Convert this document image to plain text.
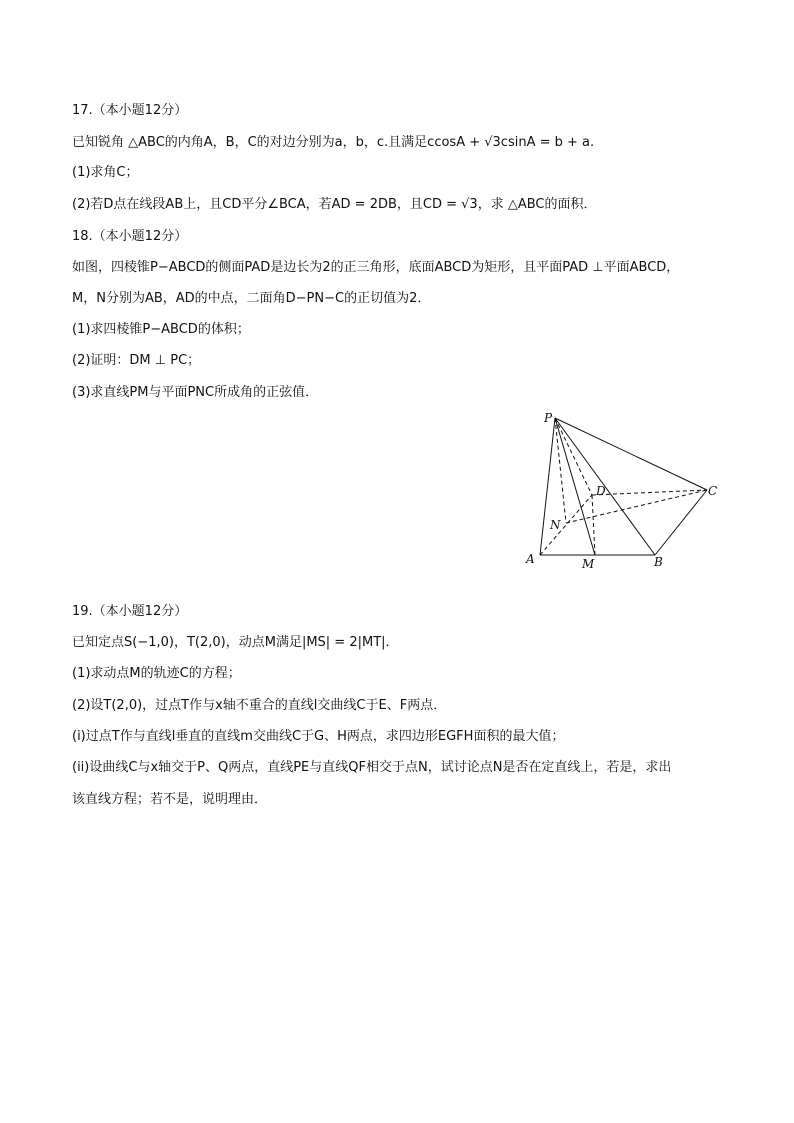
17.（本小题12分）
已知锐角 △ABC的内角A，B，C的对边分别为a，b，c.且满足ccosA + √3csinA = b + a.
(1)求角C；
(2)若D点在线段AB上，且CD平分∠BCA，若AD = 2DB，且CD = √3，求 △ABC的面积．
18.（本小题12分）
如图，四棱锥P−ABCD的侧面PAD是边长为2的正三角形，底面ABCD为矩形，且平面PAD ⊥平面ABCD，
M，N分别为AB，AD的中点，二面角D−PN−C的正切值为2．
(1)求四棱锥P−ABCD的体积；
(2)证明：DM ⊥ PC；
(3)求直线PM与平面PNC所成角的正弦值．
P
A	M	B
C
D
N
19.（本小题12分）
已知定点S(−1,0)，T(2,0)，动点M满足|MS| = 2|MT|．
(1)求动点M的轨迹C的方程；
(2)设T(2,0)，过点T作与x轴不重合的直线l交曲线C于E、F两点．
(i)过点T作与直线l垂直的直线m交曲线C于G、H两点，求四边形EGFH面积的最大值；
(ii)设曲线C与x轴交于P、Q两点，直线PE与直线QF相交于点N，试讨论点N是否在定直线上，若是，求出
该直线方程；若不是，说明理由．
